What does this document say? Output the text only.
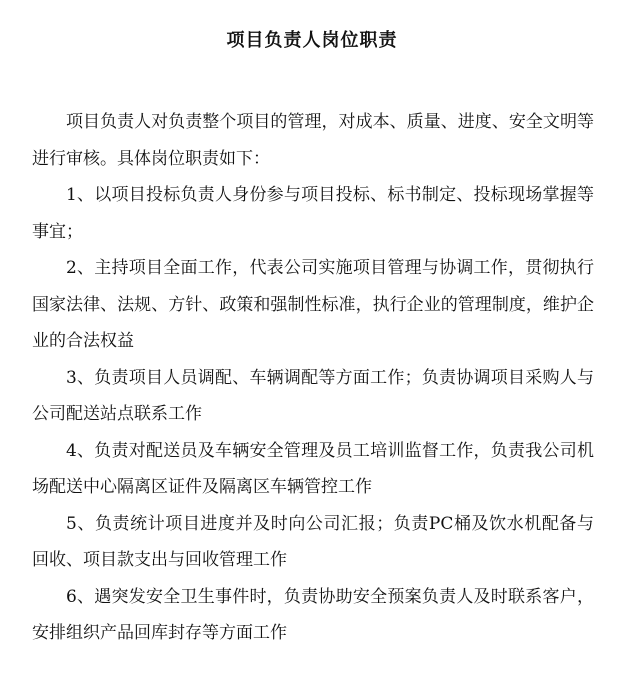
项目负责人岗位职责

项目负责人对负责整个项目的管理，对成本、质量、进度、安全文明等进行审核。具体岗位职责如下：

1、以项目投标负责人身份参与项目投标、标书制定、投标现场掌握等事宜；

2、主持项目全面工作，代表公司实施项目管理与协调工作，贯彻执行国家法律、法规、方针、政策和强制性标准，执行企业的管理制度，维护企业的合法权益

3、负责项目人员调配、车辆调配等方面工作；负责协调项目采购人与公司配送站点联系工作

4、负责对配送员及车辆安全管理及员工培训监督工作，负责我公司机场配送中心隔离区证件及隔离区车辆管控工作

5、负责统计项目进度并及时向公司汇报；负责PC桶及饮水机配备与回收、项目款支出与回收管理工作

6、遇突发安全卫生事件时，负责协助安全预案负责人及时联系客户，安排组织产品回库封存等方面工作
